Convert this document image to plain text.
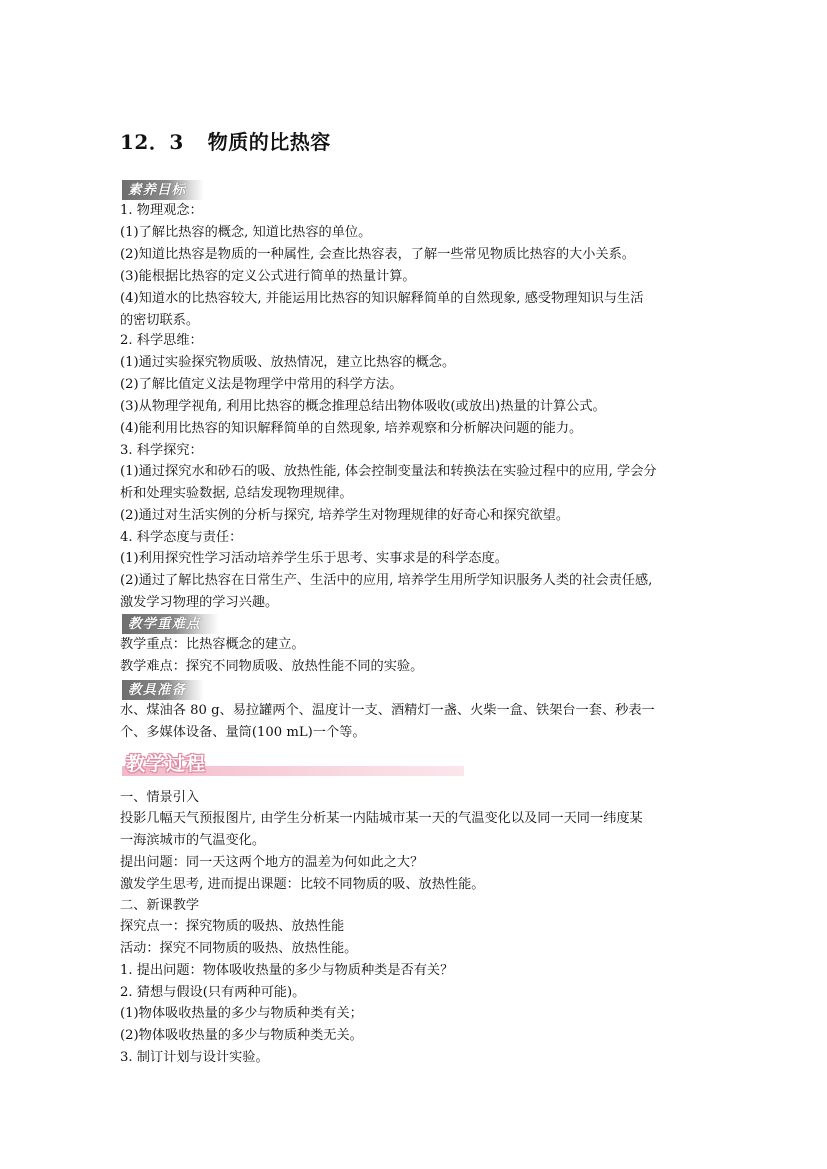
12．3 物质的比热容
素养目标
1. 物理观念：
(1)了解比热容的概念, 知道比热容的单位。
(2)知道比热容是物质的一种属性, 会查比热容表，了解一些常见物质比热容的大小关系。
(3)能根据比热容的定义公式进行简单的热量计算。
(4)知道水的比热容较大, 并能运用比热容的知识解释简单的自然现象, 感受物理知识与生活
的密切联系。
2. 科学思维：
(1)通过实验探究物质吸、放热情况，建立比热容的概念。
(2)了解比值定义法是物理学中常用的科学方法。
(3)从物理学视角, 利用比热容的概念推理总结出物体吸收(或放出)热量的计算公式。
(4)能利用比热容的知识解释简单的自然现象, 培养观察和分析解决问题的能力。
3. 科学探究：
(1)通过探究水和砂石的吸、放热性能, 体会控制变量法和转换法在实验过程中的应用, 学会分
析和处理实验数据, 总结发现物理规律。
(2)通过对生活实例的分析与探究, 培养学生对物理规律的好奇心和探究欲望。
4. 科学态度与责任：
(1)利用探究性学习活动培养学生乐于思考、实事求是的科学态度。
(2)通过了解比热容在日常生产、生活中的应用, 培养学生用所学知识服务人类的社会责任感,
激发学习物理的学习兴趣。
教学重难点
教学重点：比热容概念的建立。
教学难点：探究不同物质吸、放热性能不同的实验。
教具准备
水、煤油各 80 g、易拉罐两个、温度计一支、酒精灯一盏、火柴一盒、铁架台一套、秒表一
个、多媒体设备、量筒(100 mL)一个等。
教学过程
一、情景引入
投影几幅天气预报图片, 由学生分析某一内陆城市某一天的气温变化以及同一天同一纬度某
一海滨城市的气温变化。
提出问题：同一天这两个地方的温差为何如此之大？
激发学生思考, 进而提出课题：比较不同物质的吸、放热性能。
二、新课教学
探究点一：探究物质的吸热、放热性能
活动：探究不同物质的吸热、放热性能。
1. 提出问题：物体吸收热量的多少与物质种类是否有关？
2. 猜想与假设(只有两种可能)。
(1)物体吸收热量的多少与物质种类有关；
(2)物体吸收热量的多少与物质种类无关。
3. 制订计划与设计实验。
